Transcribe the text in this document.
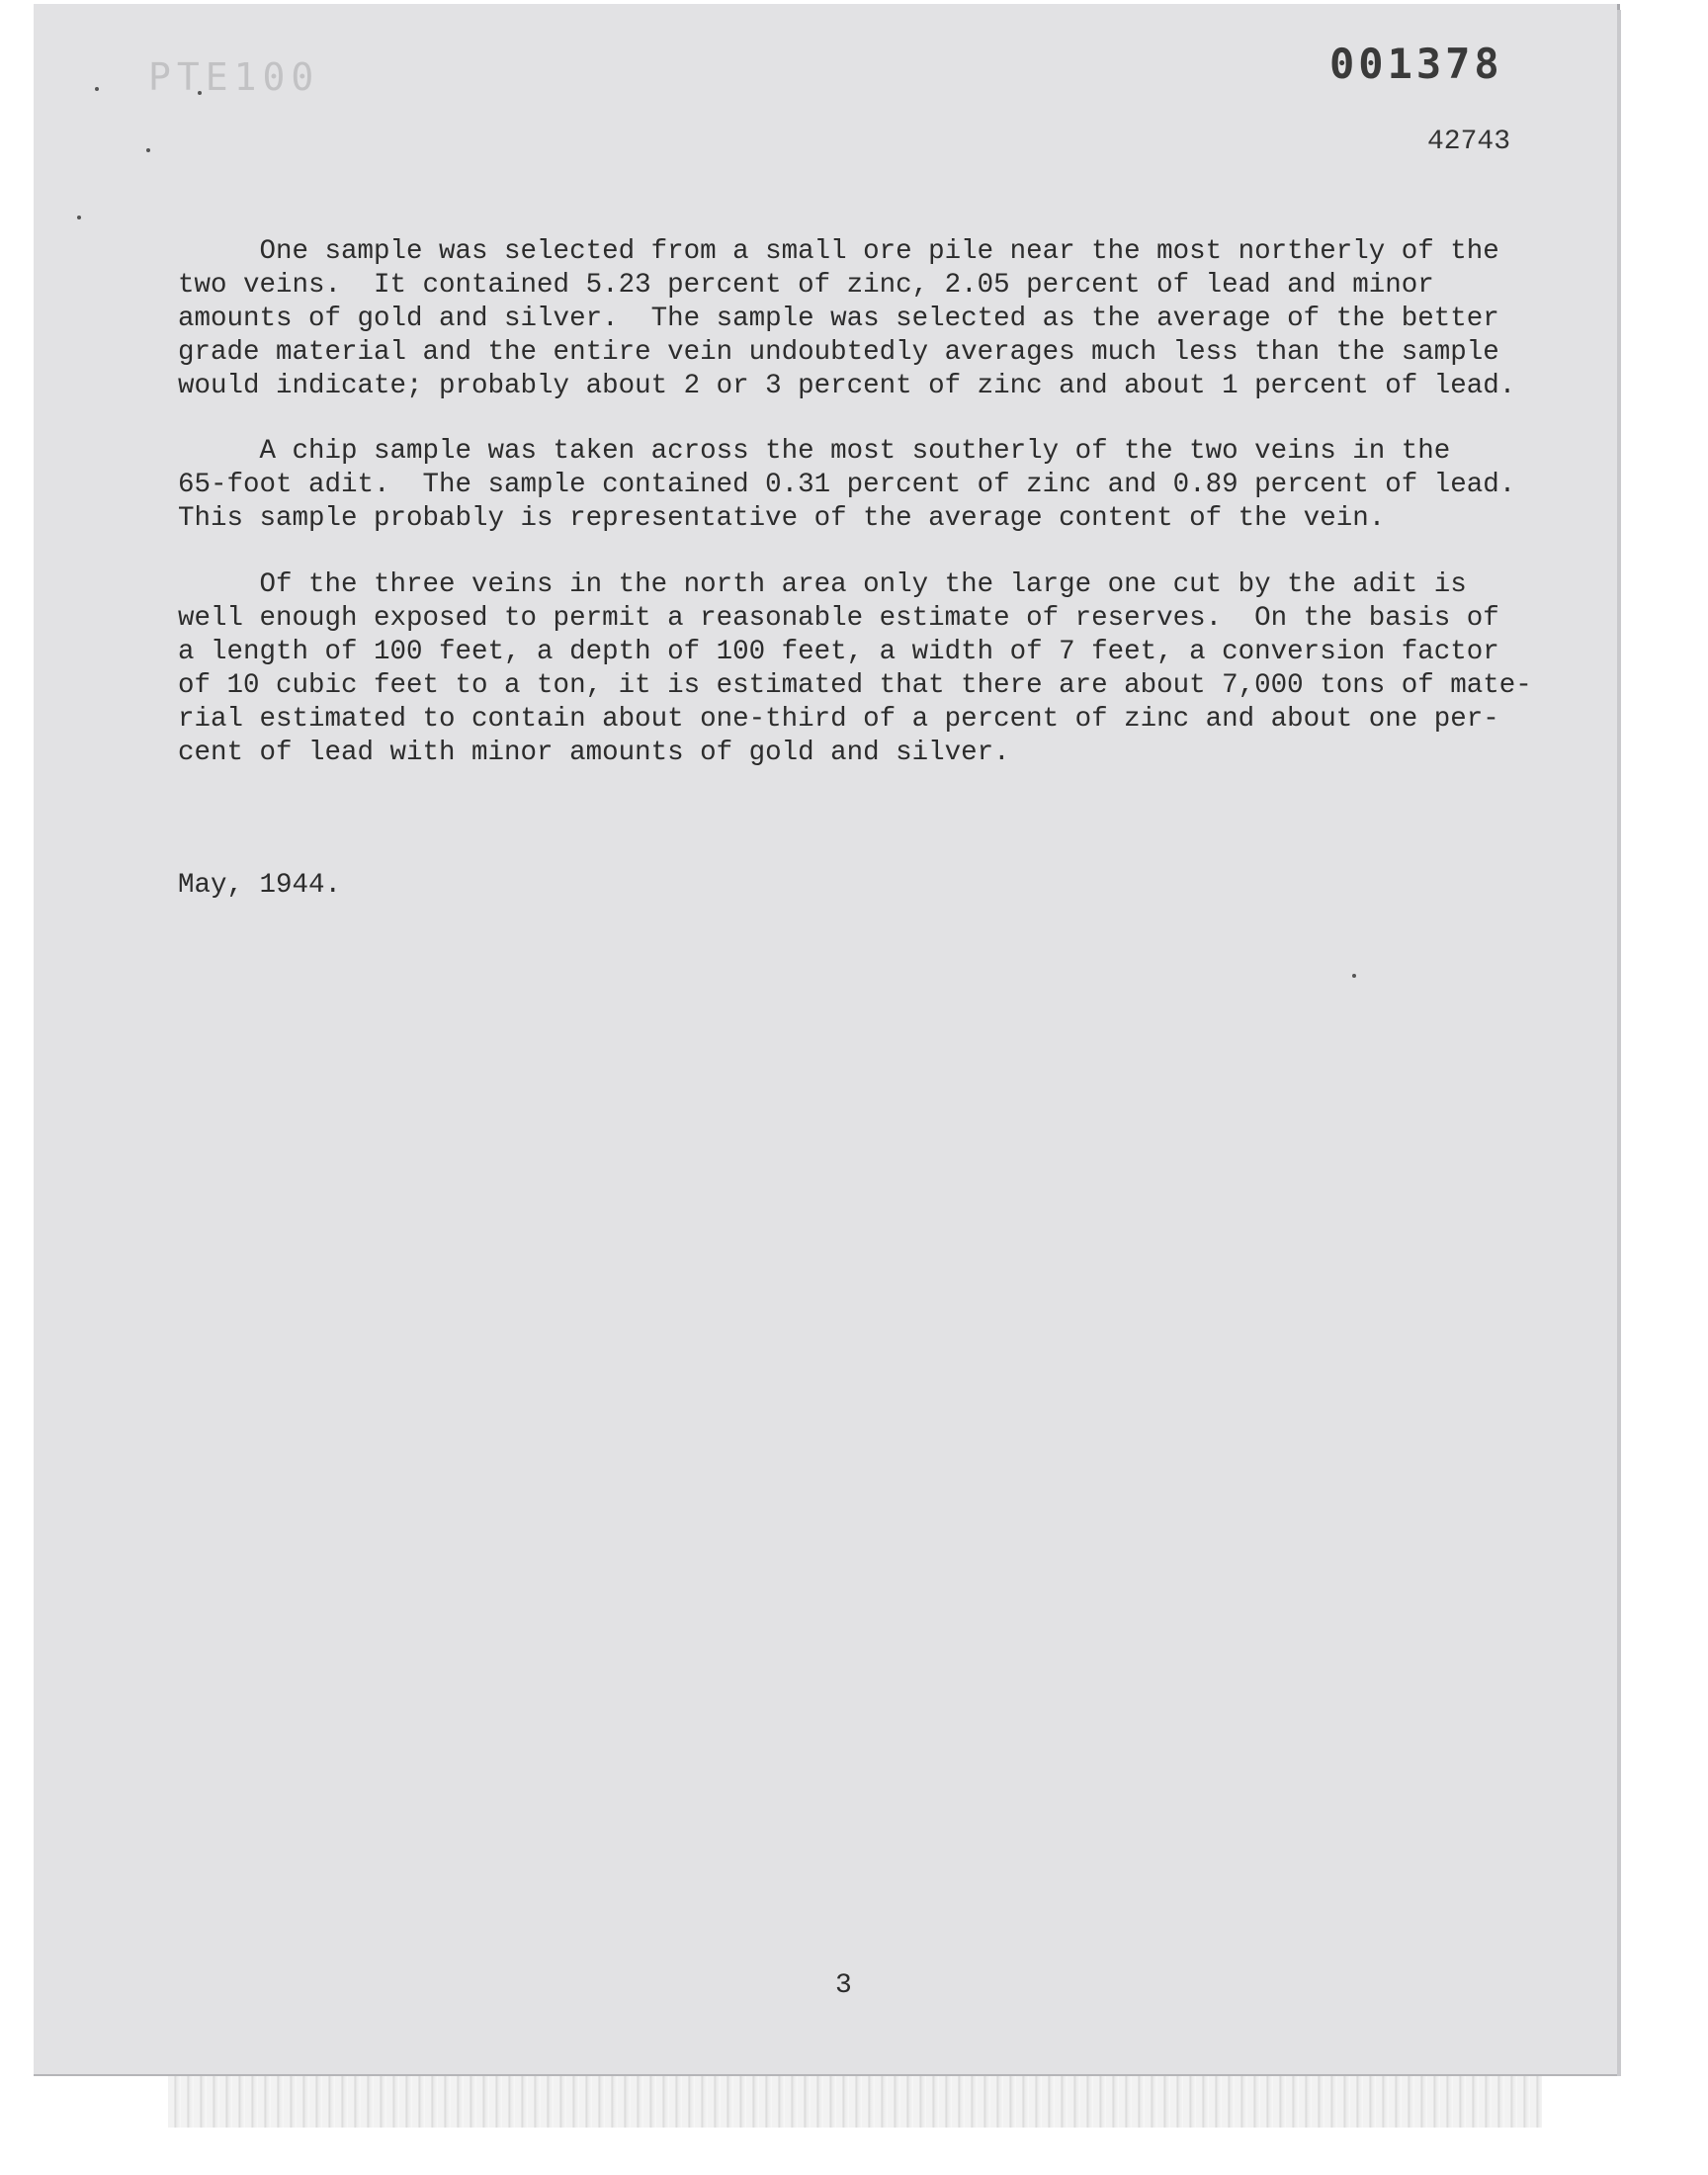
PTE100	001378
42743
One sample was selected from a small ore pile near the most northerly of the
two veins.  It contained 5.23 percent of zinc, 2.05 percent of lead and minor
amounts of gold and silver.  The sample was selected as the average of the better
grade material and the entire vein undoubtedly averages much less than the sample
would indicate; probably about 2 or 3 percent of zinc and about 1 percent of lead.
A chip sample was taken across the most southerly of the two veins in the
65-foot adit.  The sample contained 0.31 percent of zinc and 0.89 percent of lead.
This sample probably is representative of the average content of the vein.
Of the three veins in the north area only the large one cut by the adit is
well enough exposed to permit a reasonable estimate of reserves.  On the basis of
a length of 100 feet, a depth of 100 feet, a width of 7 feet, a conversion factor
of 10 cubic feet to a ton, it is estimated that there are about 7,000 tons of mate-
rial estimated to contain about one-third of a percent of zinc and about one per-
cent of lead with minor amounts of gold and silver.
May, 1944.
3
